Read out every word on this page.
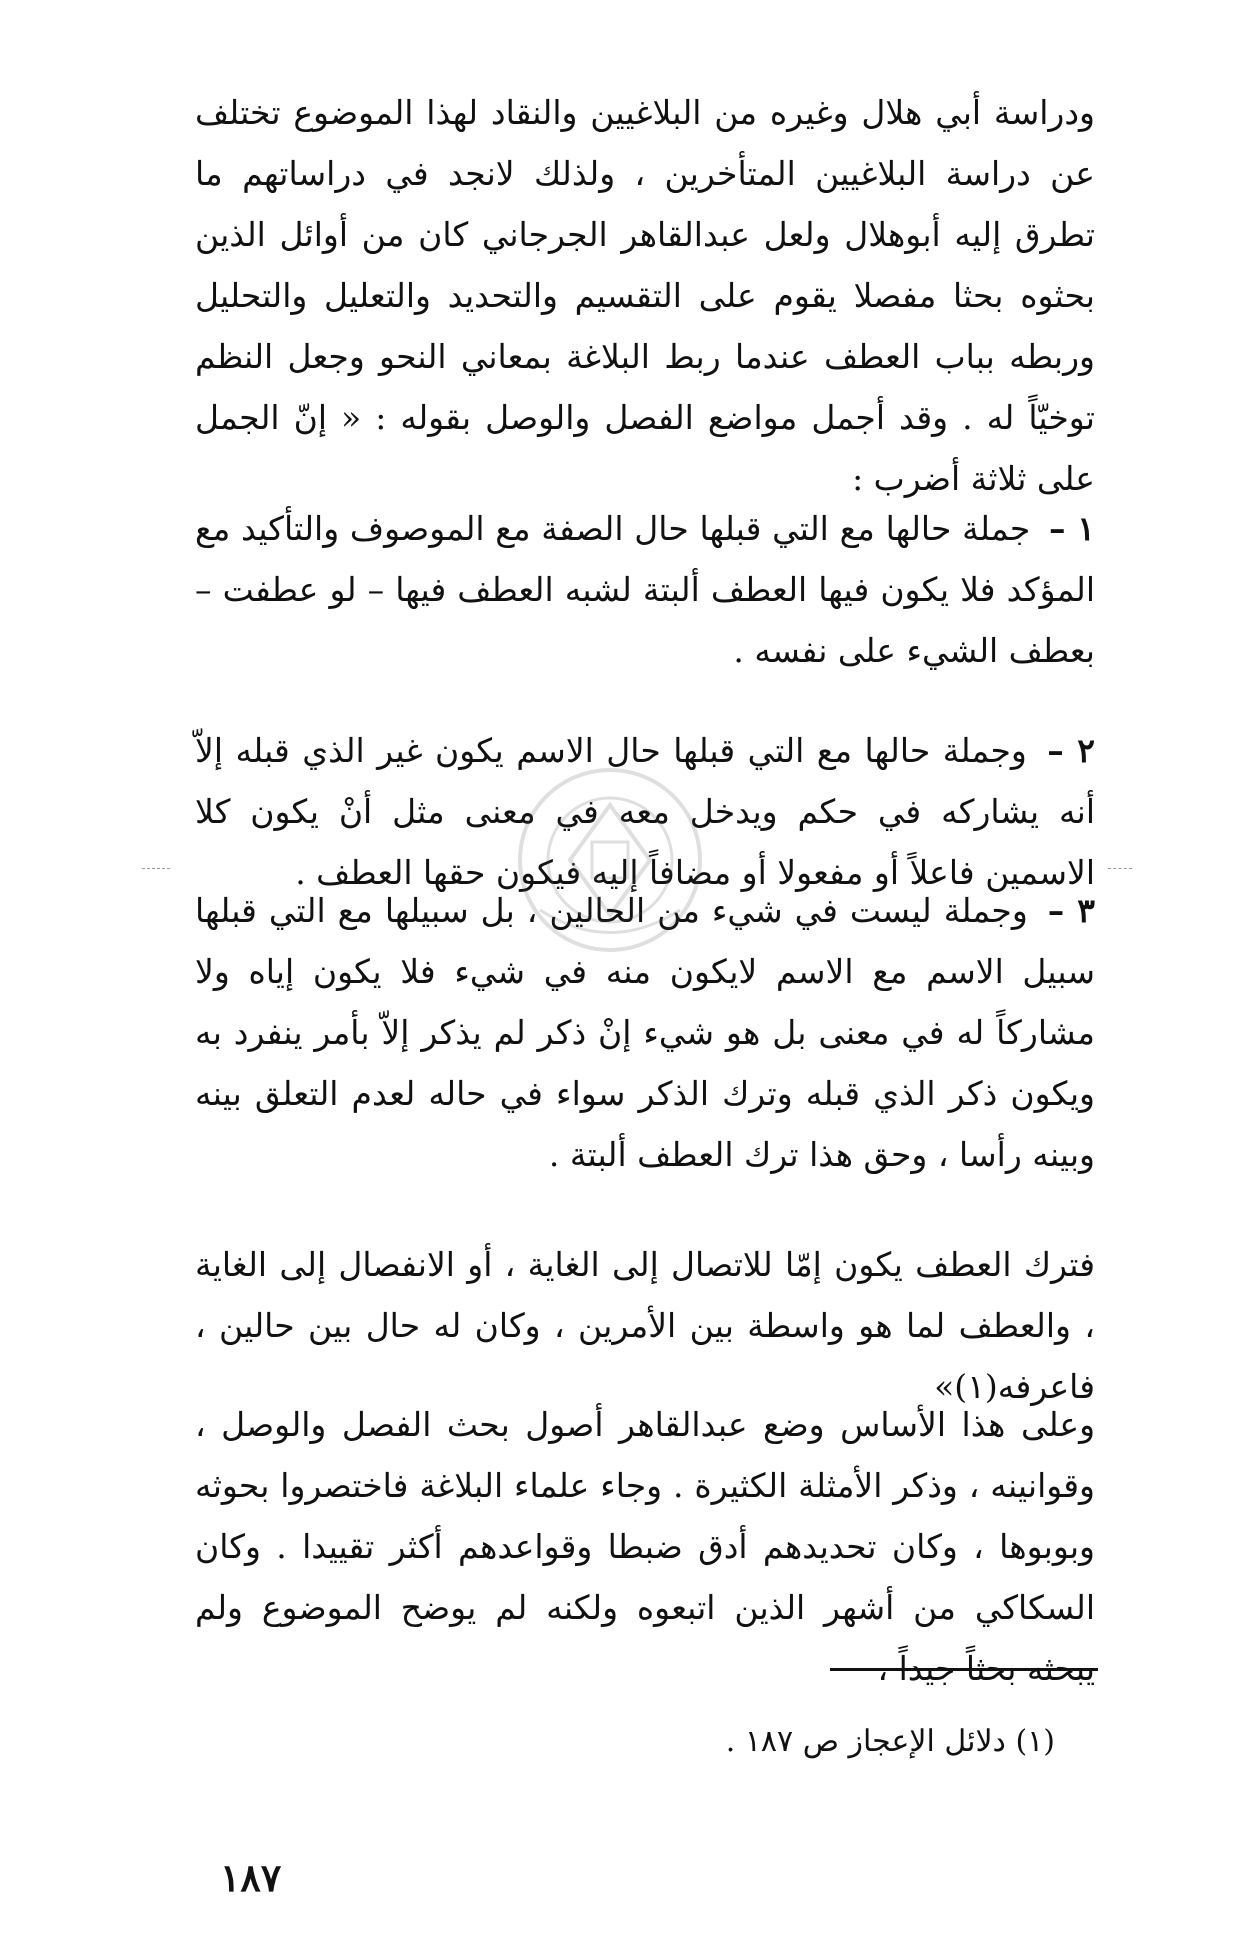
ودراسة أبي هلال وغيره من البلاغيين والنقاد لهذا الموضوع تختلف عن دراسة البلاغيين المتأخرين ، ولذلك لانجد في دراساتهم ما تطرق إليه أبوهلال ولعل عبدالقاهر الجرجاني كان من أوائل الذين بحثوه بحثا مفصلا يقوم على التقسيم والتحديد والتعليل والتحليل وربطه بباب العطف عندما ربط البلاغة بمعاني النحو وجعل النظم توخيّاً له . وقد أجمل مواضع الفصل والوصل بقوله : « إنّ الجمل على ثلاثة أضرب :

١ – جملة حالها مع التي قبلها حال الصفة مع الموصوف والتأكيد مع المؤكد فلا يكون فيها العطف ألبتة لشبه العطف فيها – لو عطفت – بعطف الشيء على نفسه .

٢ – وجملة حالها مع التي قبلها حال الاسم يكون غير الذي قبله إلاّ أنه يشاركه في حكم ويدخل معه في معنى مثل أنْ يكون كلا الاسمين فاعلاً أو مفعولا أو مضافاً إليه فيكون حقها العطف .

٣ – وجملة ليست في شيء من الحالين ، بل سبيلها مع التي قبلها سبيل الاسم مع الاسم لايكون منه في شيء فلا يكون إياه ولا مشاركاً له في معنى بل هو شيء إنْ ذكر لم يذكر إلاّ بأمر ينفرد به ويكون ذكر الذي قبله وترك الذكر سواء في حاله لعدم التعلق بينه وبينه رأسا ، وحق هذا ترك العطف ألبتة .

فترك العطف يكون إمّا للاتصال إلى الغاية ، أو الانفصال إلى الغاية ، والعطف لما هو واسطة بين الأمرين ، وكان له حال بين حالين ، فاعرفه(١)»

وعلى هذا الأساس وضع عبدالقاهر أصول بحث الفصل والوصل ، وقوانينه ، وذكر الأمثلة الكثيرة . وجاء علماء البلاغة فاختصروا بحوثه وبوبوها ، وكان تحديدهم أدق ضبطا وقواعدهم أكثر تقييدا . وكان السكاكي من أشهر الذين اتبعوه ولكنه لم يوضح الموضوع ولم يبحثه بحثاً جيداً ،

(١) دلائل الإعجاز ص ١٨٧ .
١٨٧
